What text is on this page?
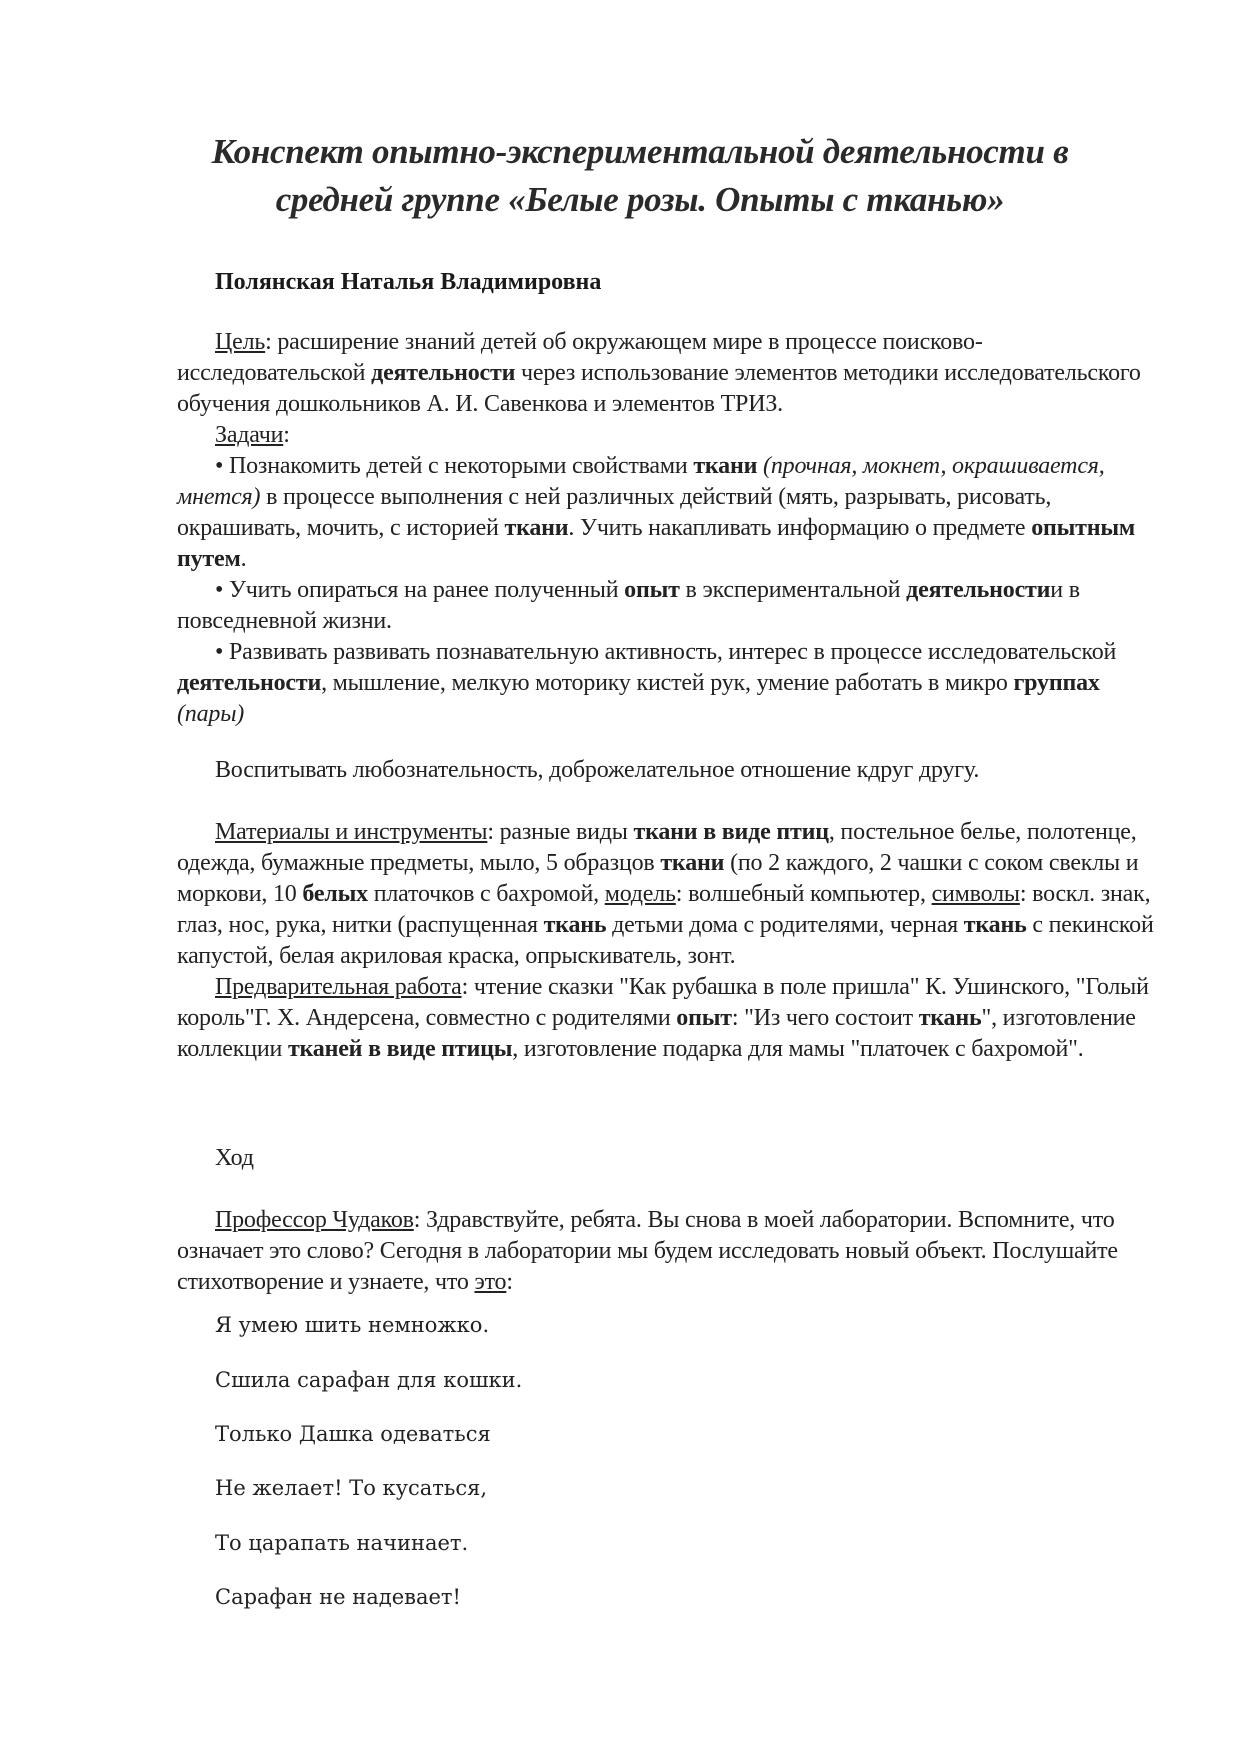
Конспект опытно-экспериментальной деятельности в
средней группе «Белые розы. Опыты с тканью»
Полянская Наталья Владимировна

Цель: расширение знаний детей об окружающем мире в процессе поисково-исследовательской деятельности через использование элементов методики исследовательского обучения дошкольников А. И. Савенкова и элементов ТРИЗ.

Задачи:

• Познакомить детей с некоторыми свойствами ткани (прочная, мокнет, окрашивается, мнется) в процессе выполнения с ней различных действий (мять, разрывать, рисовать, окрашивать, мочить, с историей ткани. Учить накапливать информацию о предмете опытным путем.

• Учить опираться на ранее полученный опыт в экспериментальной деятельностии в повседневной жизни.

• Развивать развивать познавательную активность, интерес в процессе исследовательской деятельности, мышление, мелкую моторику кистей рук, умение работать в микро группах (пары)

Воспитывать любознательность, доброжелательное отношение кдруг другу.

Материалы и инструменты: разные виды ткани в виде птиц, постельное белье, полотенце, одежда, бумажные предметы, мыло, 5 образцов ткани (по 2 каждого, 2 чашки с соком свеклы и моркови, 10 белых платочков с бахромой, модель: волшебный компьютер, символы: воскл. знак, глаз, нос, рука, нитки (распущенная ткань детьми дома с родителями, черная ткань с пекинской капустой, белая акриловая краска, опрыскиватель, зонт.

Предварительная работа: чтение сказки "Как рубашка в поле пришла" К. Ушинского, "Голый король"Г. Х. Андерсена, совместно с родителями опыт: "Из чего состоит ткань", изготовление коллекции тканей в виде птицы, изготовление подарка для мамы "платочек с бахромой".

Ход

Профессор Чудаков: Здравствуйте, ребята. Вы снова в моей лаборатории. Вспомните, что означает это слово? Сегодня в лаборатории мы будем исследовать новый объект. Послушайте стихотворение и узнаете, что это:

Я умею шить немножко.
Сшила сарафан для кошки.
Только Дашка одеваться
Не желает! То кусаться,
То царапать начинает.
Сарафан не надевает!
